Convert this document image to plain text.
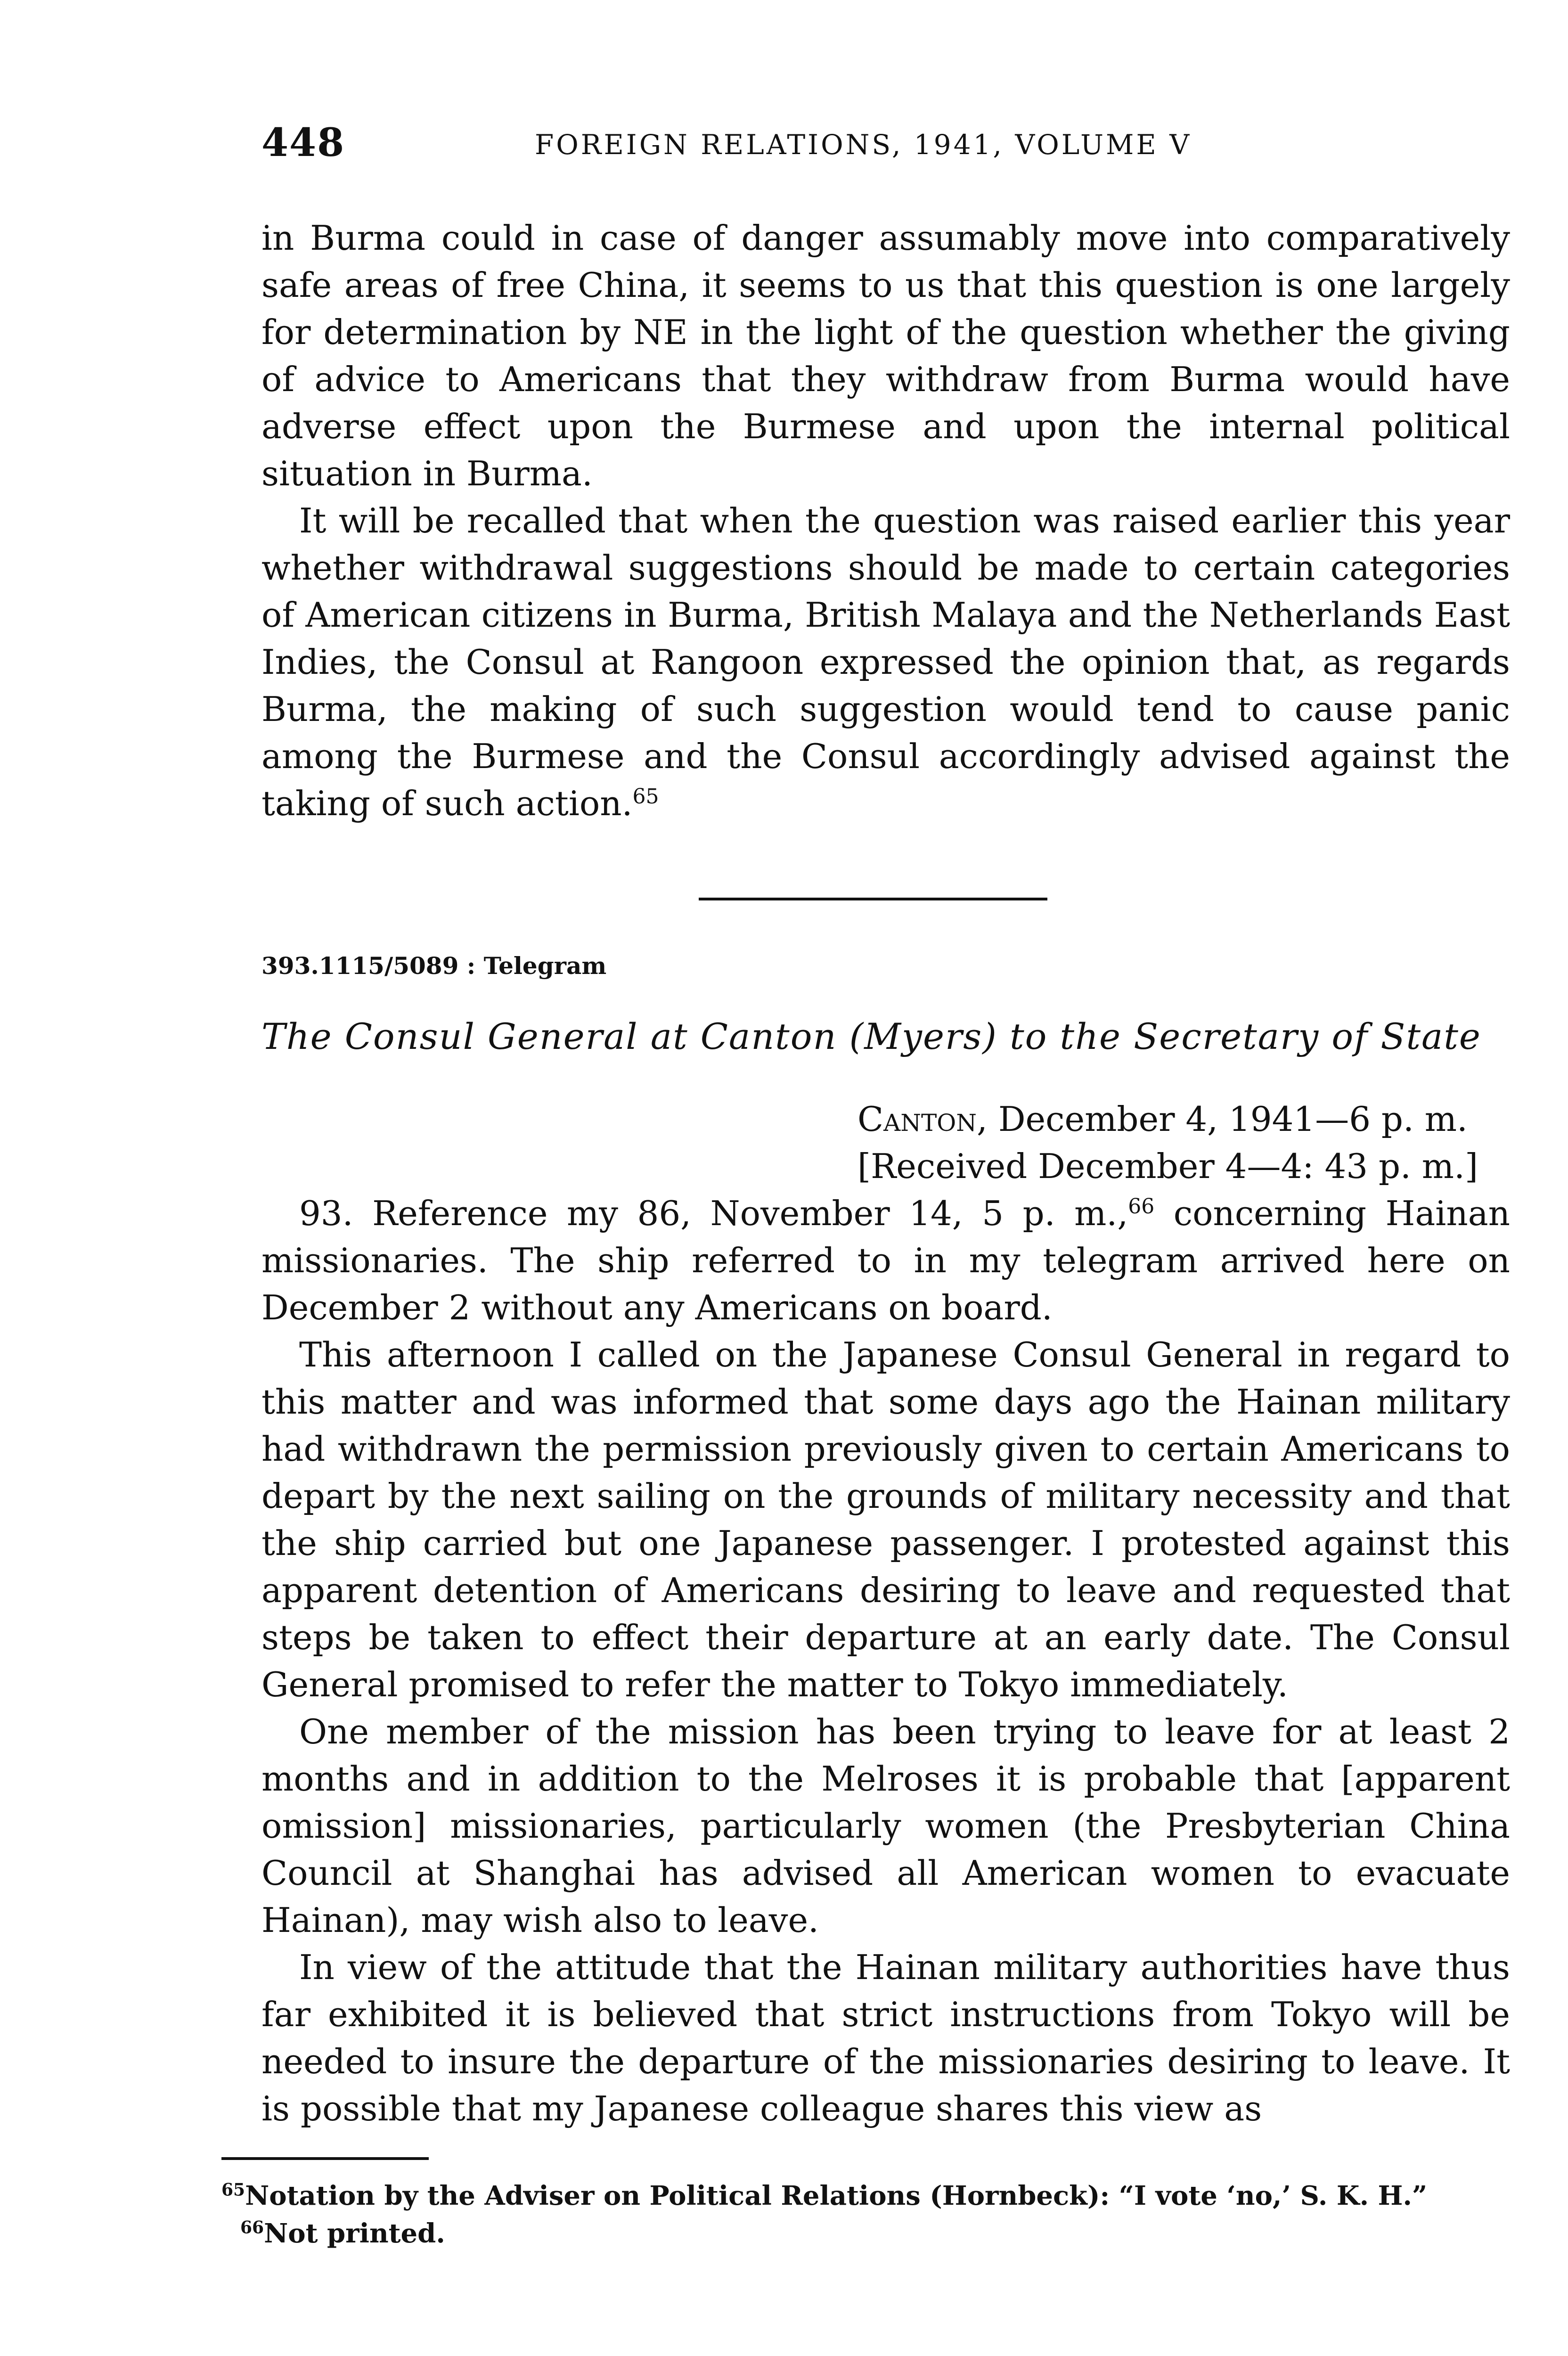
448	FOREIGN RELATIONS, 1941, VOLUME V

in Burma could in case of danger assumably move into comparatively safe areas of free China, it seems to us that this question is one largely for determination by NE in the light of the question whether the giving of advice to Americans that they withdraw from Burma would have adverse effect upon the Burmese and upon the internal political situation in Burma.

It will be recalled that when the question was raised earlier this year whether withdrawal suggestions should be made to certain categories of American citizens in Burma, British Malaya and the Netherlands East Indies, the Consul at Rangoon expressed the opinion that, as regards Burma, the making of such suggestion would tend to cause panic among the Burmese and the Consul accordingly advised against the taking of such action.$^{65}$

393.1115/5089 : Telegram
The Consul General at Canton (Myers) to the Secretary of State
Canton, December 4, 1941—6 p. m.
[Received December 4—4: 43 p. m.]

93. Reference my 86, November 14, 5 p. m.,$^{66}$ concerning Hainan missionaries. The ship referred to in my telegram arrived here on December 2 without any Americans on board.

This afternoon I called on the Japanese Consul General in regard to this matter and was informed that some days ago the Hainan military had withdrawn the permission previously given to certain Americans to depart by the next sailing on the grounds of military necessity and that the ship carried but one Japanese passenger. I protested against this apparent detention of Americans desiring to leave and requested that steps be taken to effect their departure at an early date. The Consul General promised to refer the matter to Tokyo immediately.

One member of the mission has been trying to leave for at least 2 months and in addition to the Melroses it is probable that [apparent omission] missionaries, particularly women (the Presbyterian China Council at Shanghai has advised all American women to evacuate Hainan), may wish also to leave.

In view of the attitude that the Hainan military authorities have thus far exhibited it is believed that strict instructions from Tokyo will be needed to insure the departure of the missionaries desiring to leave. It is possible that my Japanese colleague shares this view as

$^{65}$Notation by the Adviser on Political Relations (Hornbeck): “I vote ‘no,’ S. K. H.”

$^{66}$Not printed.
